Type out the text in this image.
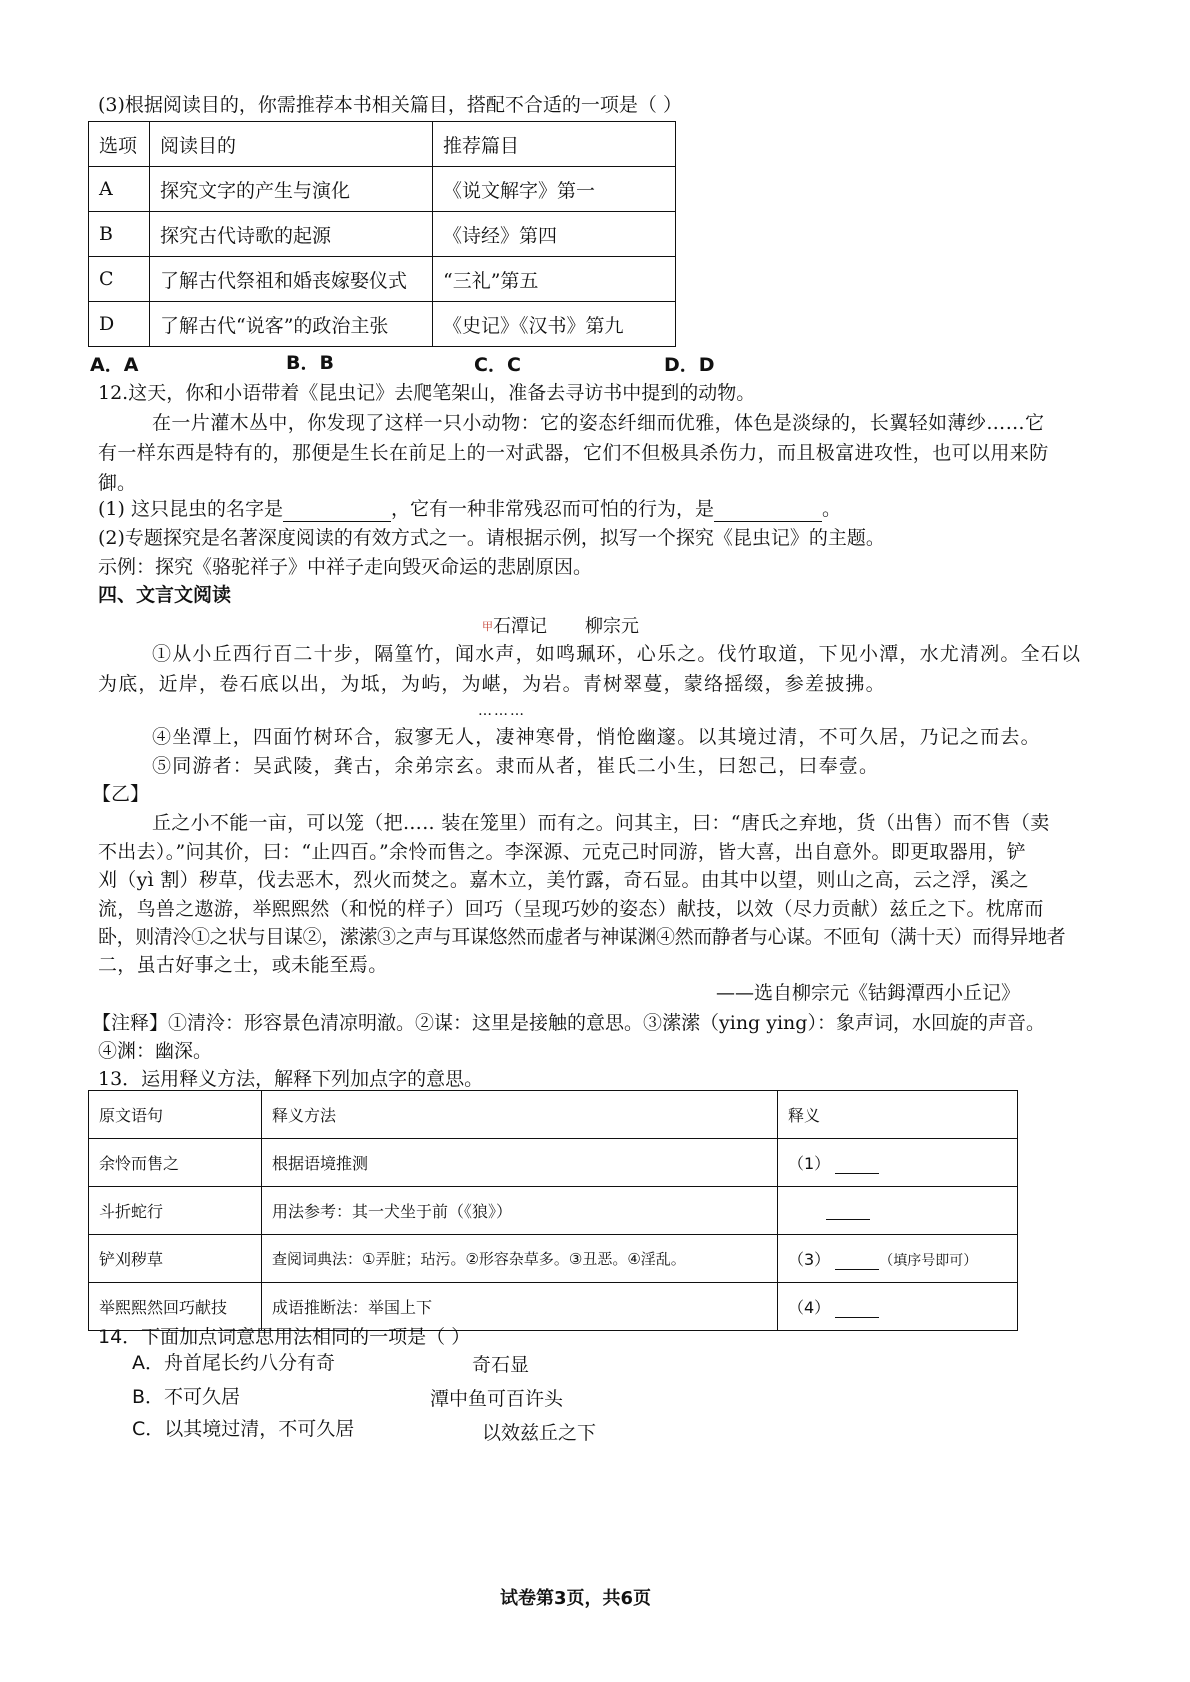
(3)根据阅读目的，你需推荐本书相关篇目，搭配不合适的一项是（ ）
选项	阅读目的	推荐篇目
A	探究文字的产生与演化	《说文解字》第一
B	探究古代诗歌的起源	《诗经》第四
C	了解古代祭祖和婚丧嫁娶仪式	“三礼”第五
D	了解古代“说客”的政治主张	《史记》《汉书》第九
A．A	B．B	C．C	D．D
12.这天，你和小语带着《昆虫记》去爬笔架山，准备去寻访书中提到的动物。
在一片灌木丛中，你发现了这样一只小动物：它的姿态纤细而优雅，体色是淡绿的，长翼轻如薄纱……它
有一样东西是特有的，那便是生长在前足上的一对武器，它们不但极具杀伤力，而且极富进攻性，也可以用来防
御。
(1) 这只昆虫的名字是	，它有一种非常残忍而可怕的行为，是	。
(2)专题探究是名著深度阅读的有效方式之一。请根据示例，拟写一个探究《昆虫记》的主题。
示例：探究《骆驼祥子》中祥子走向毁灭命运的悲剧原因。
四、文言文阅读
甲石潭记 柳宗元
①从小丘西行百二十步，隔篁竹，闻水声，如鸣珮环，心乐之。伐竹取道，下见小潭，水尤清冽。全石以
为底，近岸，卷石底以出，为坻，为屿，为嵁，为岩。青树翠蔓，蒙络摇缀，参差披拂。
………
④坐潭上，四面竹树环合，寂寥无人，凄神寒骨，悄怆幽邃。以其境过清，不可久居，乃记之而去。
⑤同游者：吴武陵，龚古，余弟宗玄。隶而从者，崔氏二小生，曰恕己，曰奉壹。
【乙】
丘之小不能一亩，可以笼（把….. 装在笼里）而有之。问其主，曰：“唐氏之弃地，货（出售）而不售（卖
不出去）。”问其价，曰：“止四百。”余怜而售之。李深源、元克己时同游，皆大喜，出自意外。即更取器用，铲
刈（yì 割）秽草，伐去恶木，烈火而焚之。嘉木立，美竹露，奇石显。由其中以望，则山之高，云之浮，溪之
流，鸟兽之遨游，举熙熙然（和悦的样子）回巧（呈现巧妙的姿态）献技，以效（尽力贡献）兹丘之下。枕席而
卧，则清泠①之状与目谋②，潆潆③之声与耳谋悠然而虚者与神谋渊④然而静者与心谋。不匝旬（满十天）而得异地者
二，虽古好事之士，或未能至焉。
——选自柳宗元《钴鉧潭西小丘记》
【注释】①清泠：形容景色清凉明澈。②谋：这里是接触的意思。③潆潆（ying ying）：象声词，水回旋的声音。
④渊：幽深。
13．运用释义方法，解释下列加点字的意思。
原文语句	释义方法	释义
余怜而售之	根据语境推测	（1）
斗折蛇行	用法参考：其一犬坐于前（《狼》）	
铲刈秽草	查阅词典法：①弄脏；玷污。②形容杂草多。③丑恶。④淫乱。	（3） （填序号即可）
举熙熙然回巧献技	成语推断法：举国上下	（4）
14．下面加点词意思用法相同的一项是（ ）
A．舟首尾长约八分有奇	奇石显
B．不可久居	潭中鱼可百许头
C．以其境过清，不可久居	以效兹丘之下
试卷第3页，共6页
